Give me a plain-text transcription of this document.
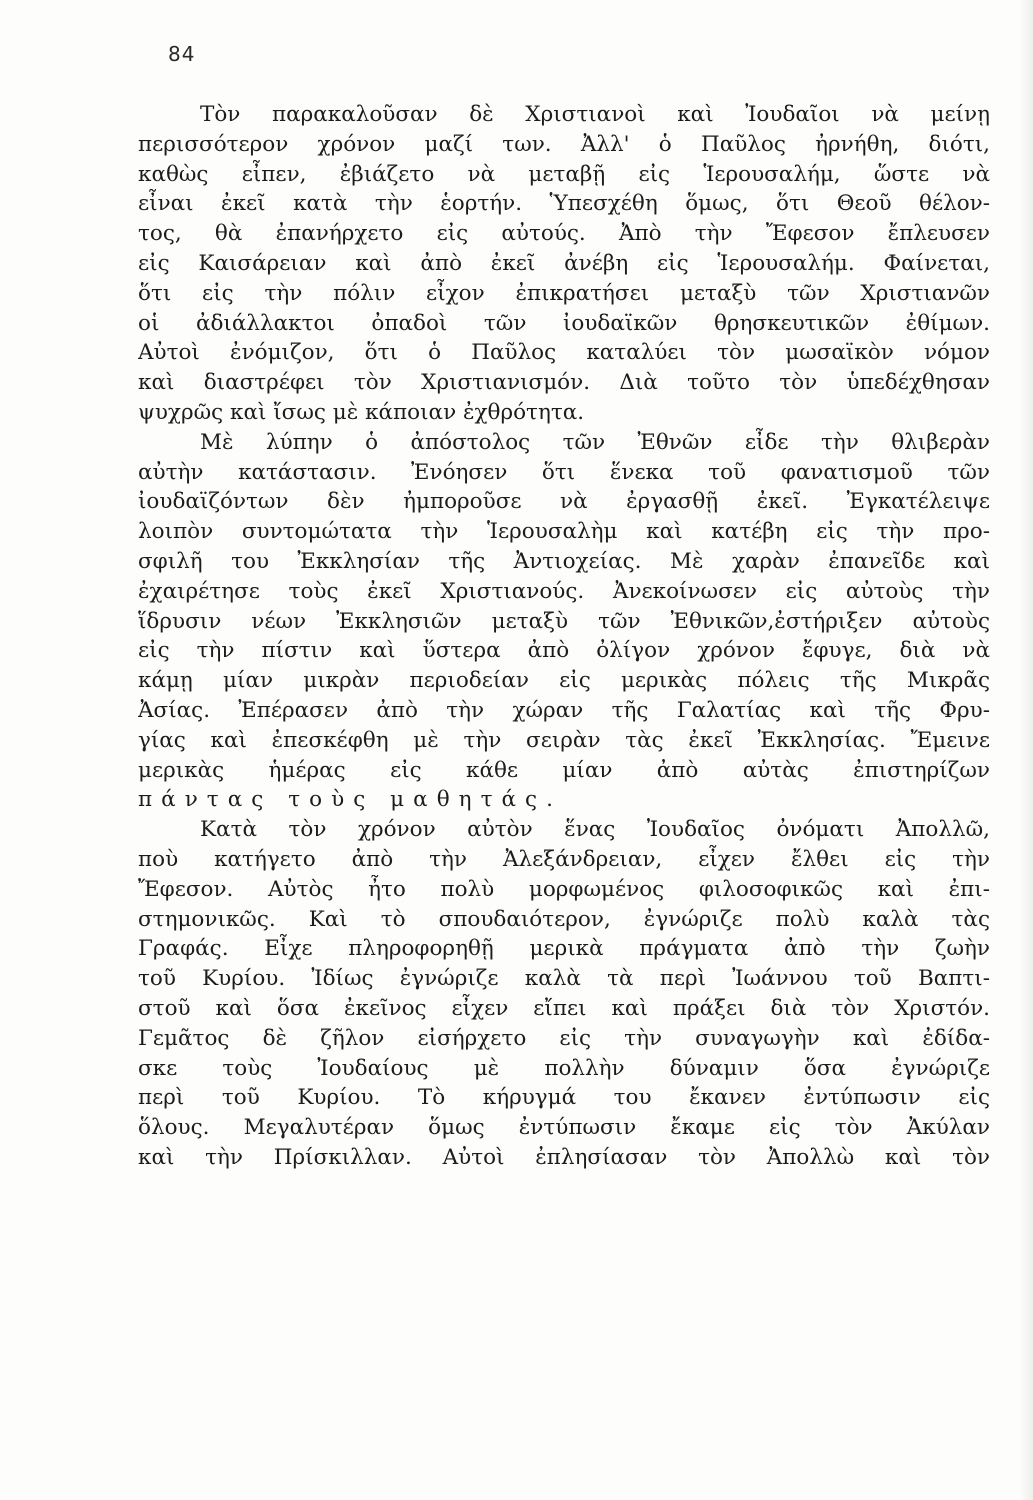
84
Τὸν παρακαλοῦσαν δὲ Χριστιανοὶ καὶ Ἰουδαῖοι νὰ μείνῃ
περισσότερον χρόνον μαζί των. Ἀλλ' ὁ Παῦλος ἠρνήθη, διότι,
καθὼς εἶπεν, ἐβιάζετο νὰ μεταβῇ εἰς Ἱερουσαλήμ, ὥστε νὰ
εἶναι ἐκεῖ κατὰ τὴν ἑορτήν. Ὑπεσχέθη ὅμως, ὅτι Θεοῦ θέλον-
τος, θὰ ἐπανήρχετο εἰς αὐτούς. Ἀπὸ τὴν Ἔφεσον ἔπλευσεν
εἰς Καισάρειαν καὶ ἀπὸ ἐκεῖ ἀνέβη εἰς Ἱερουσαλήμ. Φαίνεται,
ὅτι εἰς τὴν πόλιν εἶχον ἐπικρατήσει μεταξὺ τῶν Χριστιανῶν
οἱ ἀδιάλλακτοι ὀπαδοὶ τῶν ἰουδαϊκῶν θρησκευτικῶν ἐθίμων.
Αὐτοὶ ἐνόμιζον, ὅτι ὁ Παῦλος καταλύει τὸν μωσαϊκὸν νόμον
καὶ διαστρέφει τὸν Χριστιανισμόν. Διὰ τοῦτο τὸν ὑπεδέχθησαν
ψυχρῶς καὶ ἴσως μὲ κάποιαν ἐχθρότητα.
Μὲ λύπην ὁ ἀπόστολος τῶν Ἐθνῶν εἶδε τὴν θλιβερὰν
αὐτὴν κατάστασιν. Ἐνόησεν ὅτι ἕνεκα τοῦ φανατισμοῦ τῶν
ἰουδαϊζόντων δὲν ἠμποροῦσε νὰ ἐργασθῇ ἐκεῖ. Ἐγκατέλειψε
λοιπὸν συντομώτατα τὴν Ἱερουσαλὴμ καὶ κατέβη εἰς τὴν προ-
σφιλῆ του Ἐκκλησίαν τῆς Ἀντιοχείας. Μὲ χαρὰν ἐπανεῖδε καὶ
ἐχαιρέτησε τοὺς ἐκεῖ Χριστιανούς. Ἀνεκοίνωσεν εἰς αὐτοὺς τὴν
ἵδρυσιν νέων Ἐκκλησιῶν μεταξὺ τῶν Ἐθνικῶν,ἐστήριξεν αὐτοὺς
εἰς τὴν πίστιν καὶ ὕστερα ἀπὸ ὀλίγον χρόνον ἔφυγε, διὰ νὰ
κάμῃ μίαν μικρὰν περιοδείαν εἰς μερικὰς πόλεις τῆς Μικρᾶς
Ἀσίας. Ἐπέρασεν ἀπὸ τὴν χώραν τῆς Γαλατίας καὶ τῆς Φρυ-
γίας καὶ ἐπεσκέφθη μὲ τὴν σειρὰν τὰς ἐκεῖ Ἐκκλησίας. Ἔμεινε
μερικὰς ἡμέρας εἰς κάθε μίαν ἀπὸ αὐτὰς ἐπιστηρίζων
πάντας τοὺς μαθητάς.
Κατὰ τὸν χρόνον αὐτὸν ἕνας Ἰουδαῖος ὀνόματι Ἀπολλῶ,
ποὺ κατήγετο ἀπὸ τὴν Ἀλεξάνδρειαν, εἶχεν ἔλθει εἰς τὴν
Ἔφεσον. Αὐτὸς ἦτο πολὺ μορφωμένος φιλοσοφικῶς καὶ ἐπι-
στημονικῶς. Καὶ τὸ σπουδαιότερον, ἐγνώριζε πολὺ καλὰ τὰς
Γραφάς. Εἶχε πληροφορηθῇ μερικὰ πράγματα ἀπὸ τὴν ζωὴν
τοῦ Κυρίου. Ἰδίως ἐγνώριζε καλὰ τὰ περὶ Ἰωάννου τοῦ Βαπτι-
στοῦ καὶ ὅσα ἐκεῖνος εἶχεν εἴπει καὶ πράξει διὰ τὸν Χριστόν.
Γεμᾶτος δὲ ζῆλον εἰσήρχετο εἰς τὴν συναγωγὴν καὶ ἐδίδα-
σκε τοὺς Ἰουδαίους μὲ πολλὴν δύναμιν ὅσα ἐγνώριζε
περὶ τοῦ Κυρίου. Τὸ κήρυγμά του ἔκανεν ἐντύπωσιν εἰς
ὅλους. Μεγαλυτέραν ὅμως ἐντύπωσιν ἔκαμε εἰς τὸν Ἀκύλαν
καὶ τὴν Πρίσκιλλαν. Αὐτοὶ ἐπλησίασαν τὸν Ἀπολλὼ καὶ τὸν
